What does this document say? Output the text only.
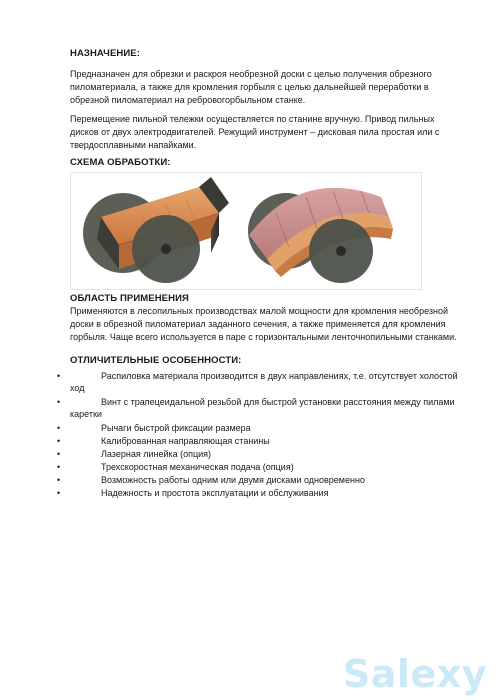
НАЗНАЧЕНИЕ:
Предназначен для обрезки и раскроя необрезной доски с целью получения обрезного пиломатериала, а также для кромления горбыля с целью дальнейшей переработки в обрезной пиломатериал на ребровогорбыльном станке.
Перемещение пильной тележки осуществляется по станине вручную. Привод пильных дисков от двух электродвигателей. Режущий инструмент – дисковая пила простая или с твердосплавными напайками.
СХЕМА ОБРАБОТКИ:
ОБЛАСТЬ ПРИМЕНЕНИЯ
Применяются в лесопильных производствах малой мощности для кромления необрезной доски в обрезной пиломатериал заданного сечения, а также применяется для кромления горбыля. Чаще всего используется в паре с горизонтальными ленточнопильными станками.
ОТЛИЧИТЕЛЬНЫЕ ОСОБЕННОСТИ:
•	Распиловка материала производится в двух направлениях, т.е. отсутствует холостой ход
•	Винт с трапецеидальной резьбой для быстрой установки расстояния между пилами каретки
•	Рычаги быстрой фиксации размера
•	Калиброванная направляющая станины
•	Лазерная линейка (опция)
•	Трехскоростная механическая подача (опция)
•	Возможность работы одним или двумя дисками одновременно
•	Надежность и простота эксплуатации и обслуживания
Salexy
